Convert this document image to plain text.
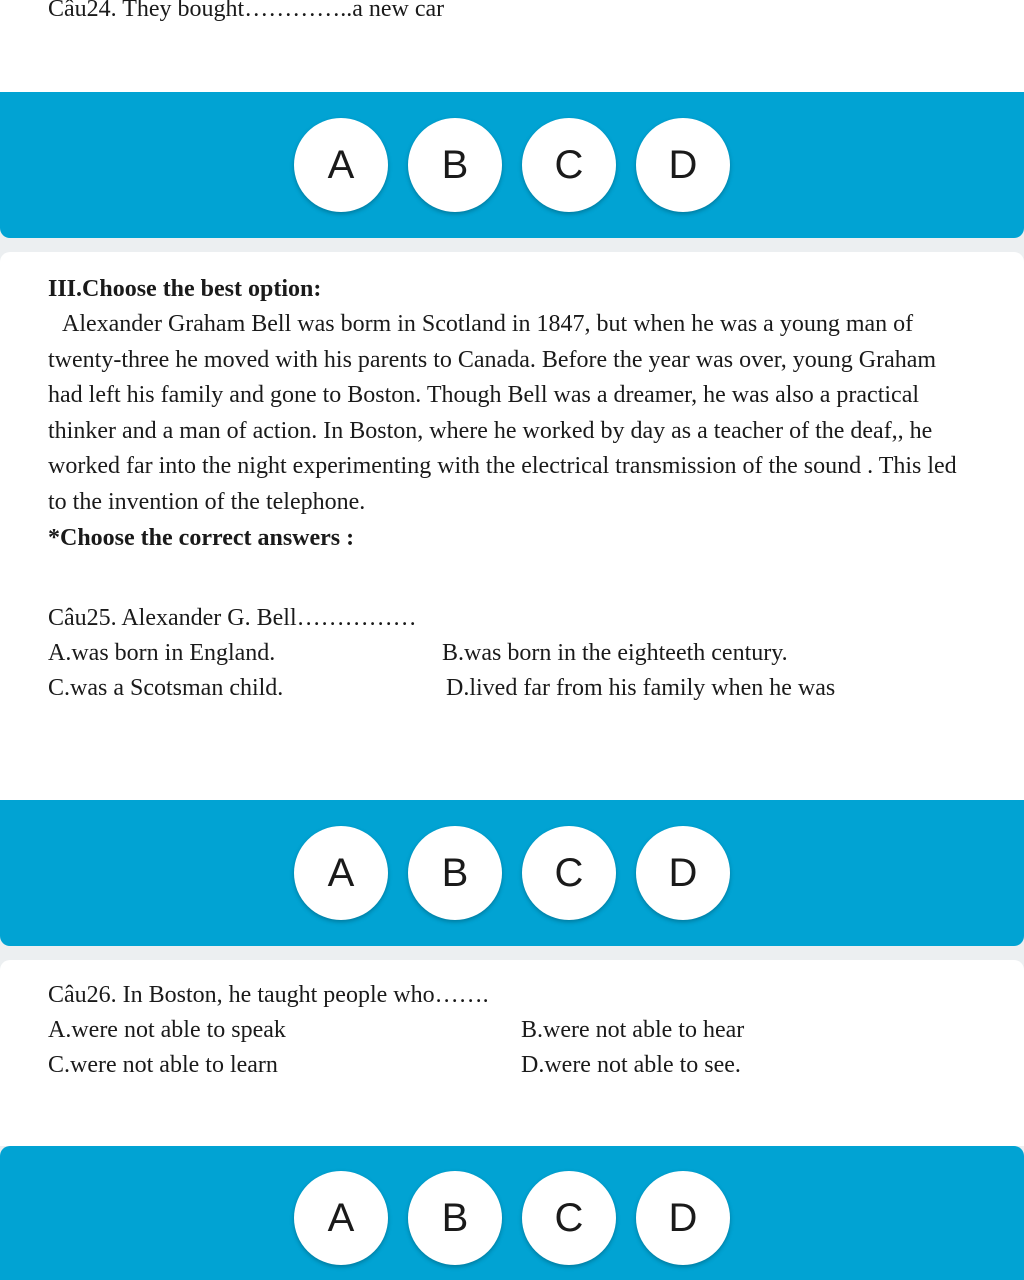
Câu24. They bought…………..a new car
A	B	C	D
III.Choose the best option:
Alexander Graham Bell was borm in Scotland in 1847, but when he was a young man of twenty-three he moved with his parents to Canada. Before the year was over, young Graham had left his family and gone to Boston. Though Bell was a dreamer, he was also a practical thinker and a man of action. In Boston, where he worked by day as a teacher of the deaf,, he worked far into the night experimenting with the electrical transmission of the sound . This led to the invention of the telephone.
*Choose the correct answers :
Câu25. Alexander G. Bell……………
A.was born in England.	B.was born in the eighteeth century.
C.was a Scotsman child.	D.lived far from his family when he was
A	B	C	D
Câu26. In Boston, he taught people who…….
A.were not able to speak	B.were not able to hear
C.were not able to learn	D.were not able to see.
A	B	C	D
